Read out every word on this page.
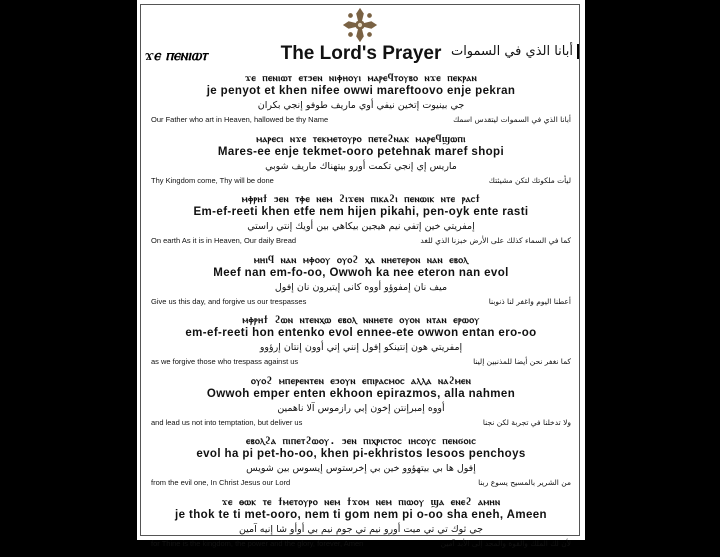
ϫⲉ ⲡⲉⲛⲓⲱⲧ	The Lord's Prayer أبانا الذي في السموات
ϫⲉ ⲡⲉⲛⲓⲱⲧ ⲉⲧϧⲉⲛ ⲛⲓⲫⲏⲟⲩⲓ ⲙⲁⲣⲉϥⲧⲟⲩⲃⲟ ⲛϫⲉ ⲡⲉⲕⲣⲁⲛ
je penyot et khen nifee owwi mareftoovo enje pekran
جي بينيوت إتخين نيفي أوي ماريف طوفو إنجي بكران
Our Father who art in Heaven, hallowed be thy Name	أبانا الذي في السموات ليتقدس اسمك
ⲙⲁⲣⲉⲥⲓ ⲛϫⲉ ⲧⲉⲕⲙⲉⲧⲟⲩⲣⲟ ⲡⲉⲧⲉϩⲛⲁⲕ ⲙⲁⲣⲉϥϣⲱⲡⲓ
Mares-ee enje tekmet-ooro petehnak maref shopi
ماريس إي إنجي تكمت أورو بيتهناك ماريف شوبي
Thy Kingdom come, Thy will be done	ليأت ملكوتك لتكن مشيئتك
ⲙⲫⲣⲏϯ ϧⲉⲛ ⲧⲫⲉ ⲛⲉⲙ ϩⲓϫⲉⲛ ⲡⲓⲕⲁϩⲓ ⲡⲉⲛⲱⲓⲕ ⲛⲧⲉ ⲣⲁⲥϯ
Em-ef-reeti khen etfe nem hijen pikahi, pen-oyk ente rasti
إمفريتي خين إتفي نيم هيجين بيكاهي بين أويك إنتي راستي
On earth As it is in Heaven, Our daily Bread	كما في السماء كذلك على الأرض خبزنا الذي للغد
ⲙⲏⲓϥ ⲛⲁⲛ ⲙⲫⲟⲟⲩ ⲟⲩⲟϩ ⲭⲁ ⲛⲏⲉⲧⲉⲣⲟⲛ ⲛⲁⲛ ⲉⲃⲟⲗ
Meef nan em-fo-oo, Owwoh ka nee eteron nan evol
ميف نان إمفوؤو أووه كانى إيتيرون نان إفول
Give us this day, and forgive us our trespasses	أعطنا اليوم واغفر لنا ذنوبنا
ⲙⲫⲣⲏϯ ϩⲱⲛ ⲛⲧⲉⲛⲭⲱ ⲉⲃⲟⲗ ⲛⲛⲏⲉⲧⲉ ⲟⲩⲟⲛ ⲛⲧⲁⲛ ⲉⲣⲱⲟⲩ
em-ef-reeti hon entenko evol ennee-ete owwon entan ero-oo
إمفريتي هون إنتينكو إفول إنني إتي أوون إنتان إرؤوو
as we forgive those who trespass against us	كما نغفر نحن أيضا للمذنبين إلينا
ⲟⲩⲟϩ ⲙⲡⲉⲣⲉⲛⲧⲉⲛ ⲉϧⲟⲩⲛ ⲉⲡⲓⲣⲁⲥⲙⲟⲥ ⲁⲗⲗⲁ ⲛⲁϩⲙⲉⲛ
Owwoh emper enten ekhoon epirazmos, alla nahmen
أووه إمبرإنتن إخون إبي رازموس آلا ناهمين
and lead us not into temptation, but deliver us	ولا تدخلنا في تجربة لكن نجنا
ⲉⲃⲟⲗϩⲁ ⲡⲓⲡⲉⲧϩⲱⲟⲩ. ϧⲉⲛ ⲡⲓⲭⲣⲓⲥⲧⲟⲥ ⲓⲏⲥⲟⲩⲥ ⲡⲉⲛϭⲟⲓⲥ
evol ha pi pet-ho-oo, khen pi-ekhristos Iesoos penchoys
إفول ها بي بيتهؤوو خين بي إخرستوس إيسوس بين شويس
from the evil one, In Christ Jesus our Lord	من الشرير بالمسيح يسوع ربنا
ϫⲉ ⲑⲱⲕ ⲧⲉ ϯⲙⲉⲧⲟⲩⲣⲟ ⲛⲉⲙ ϯϫⲟⲙ ⲛⲉⲙ ⲡⲓⲱⲟⲩ ϣⲁ ⲉⲛⲉϩ ⲁⲙⲏⲛ
je thok te ti met-ooro, nem ti gom nem pi o-oo sha eneh, Ameen
جي ثوك تي تي ميت أورو نيم تي جوم نيم بي أوأو شا إنيه آمين
for Thine is the kingdom, the power and the glory, forever, Amen	لأن لك الملك والقوة والمجد إلى الأبد آمين
